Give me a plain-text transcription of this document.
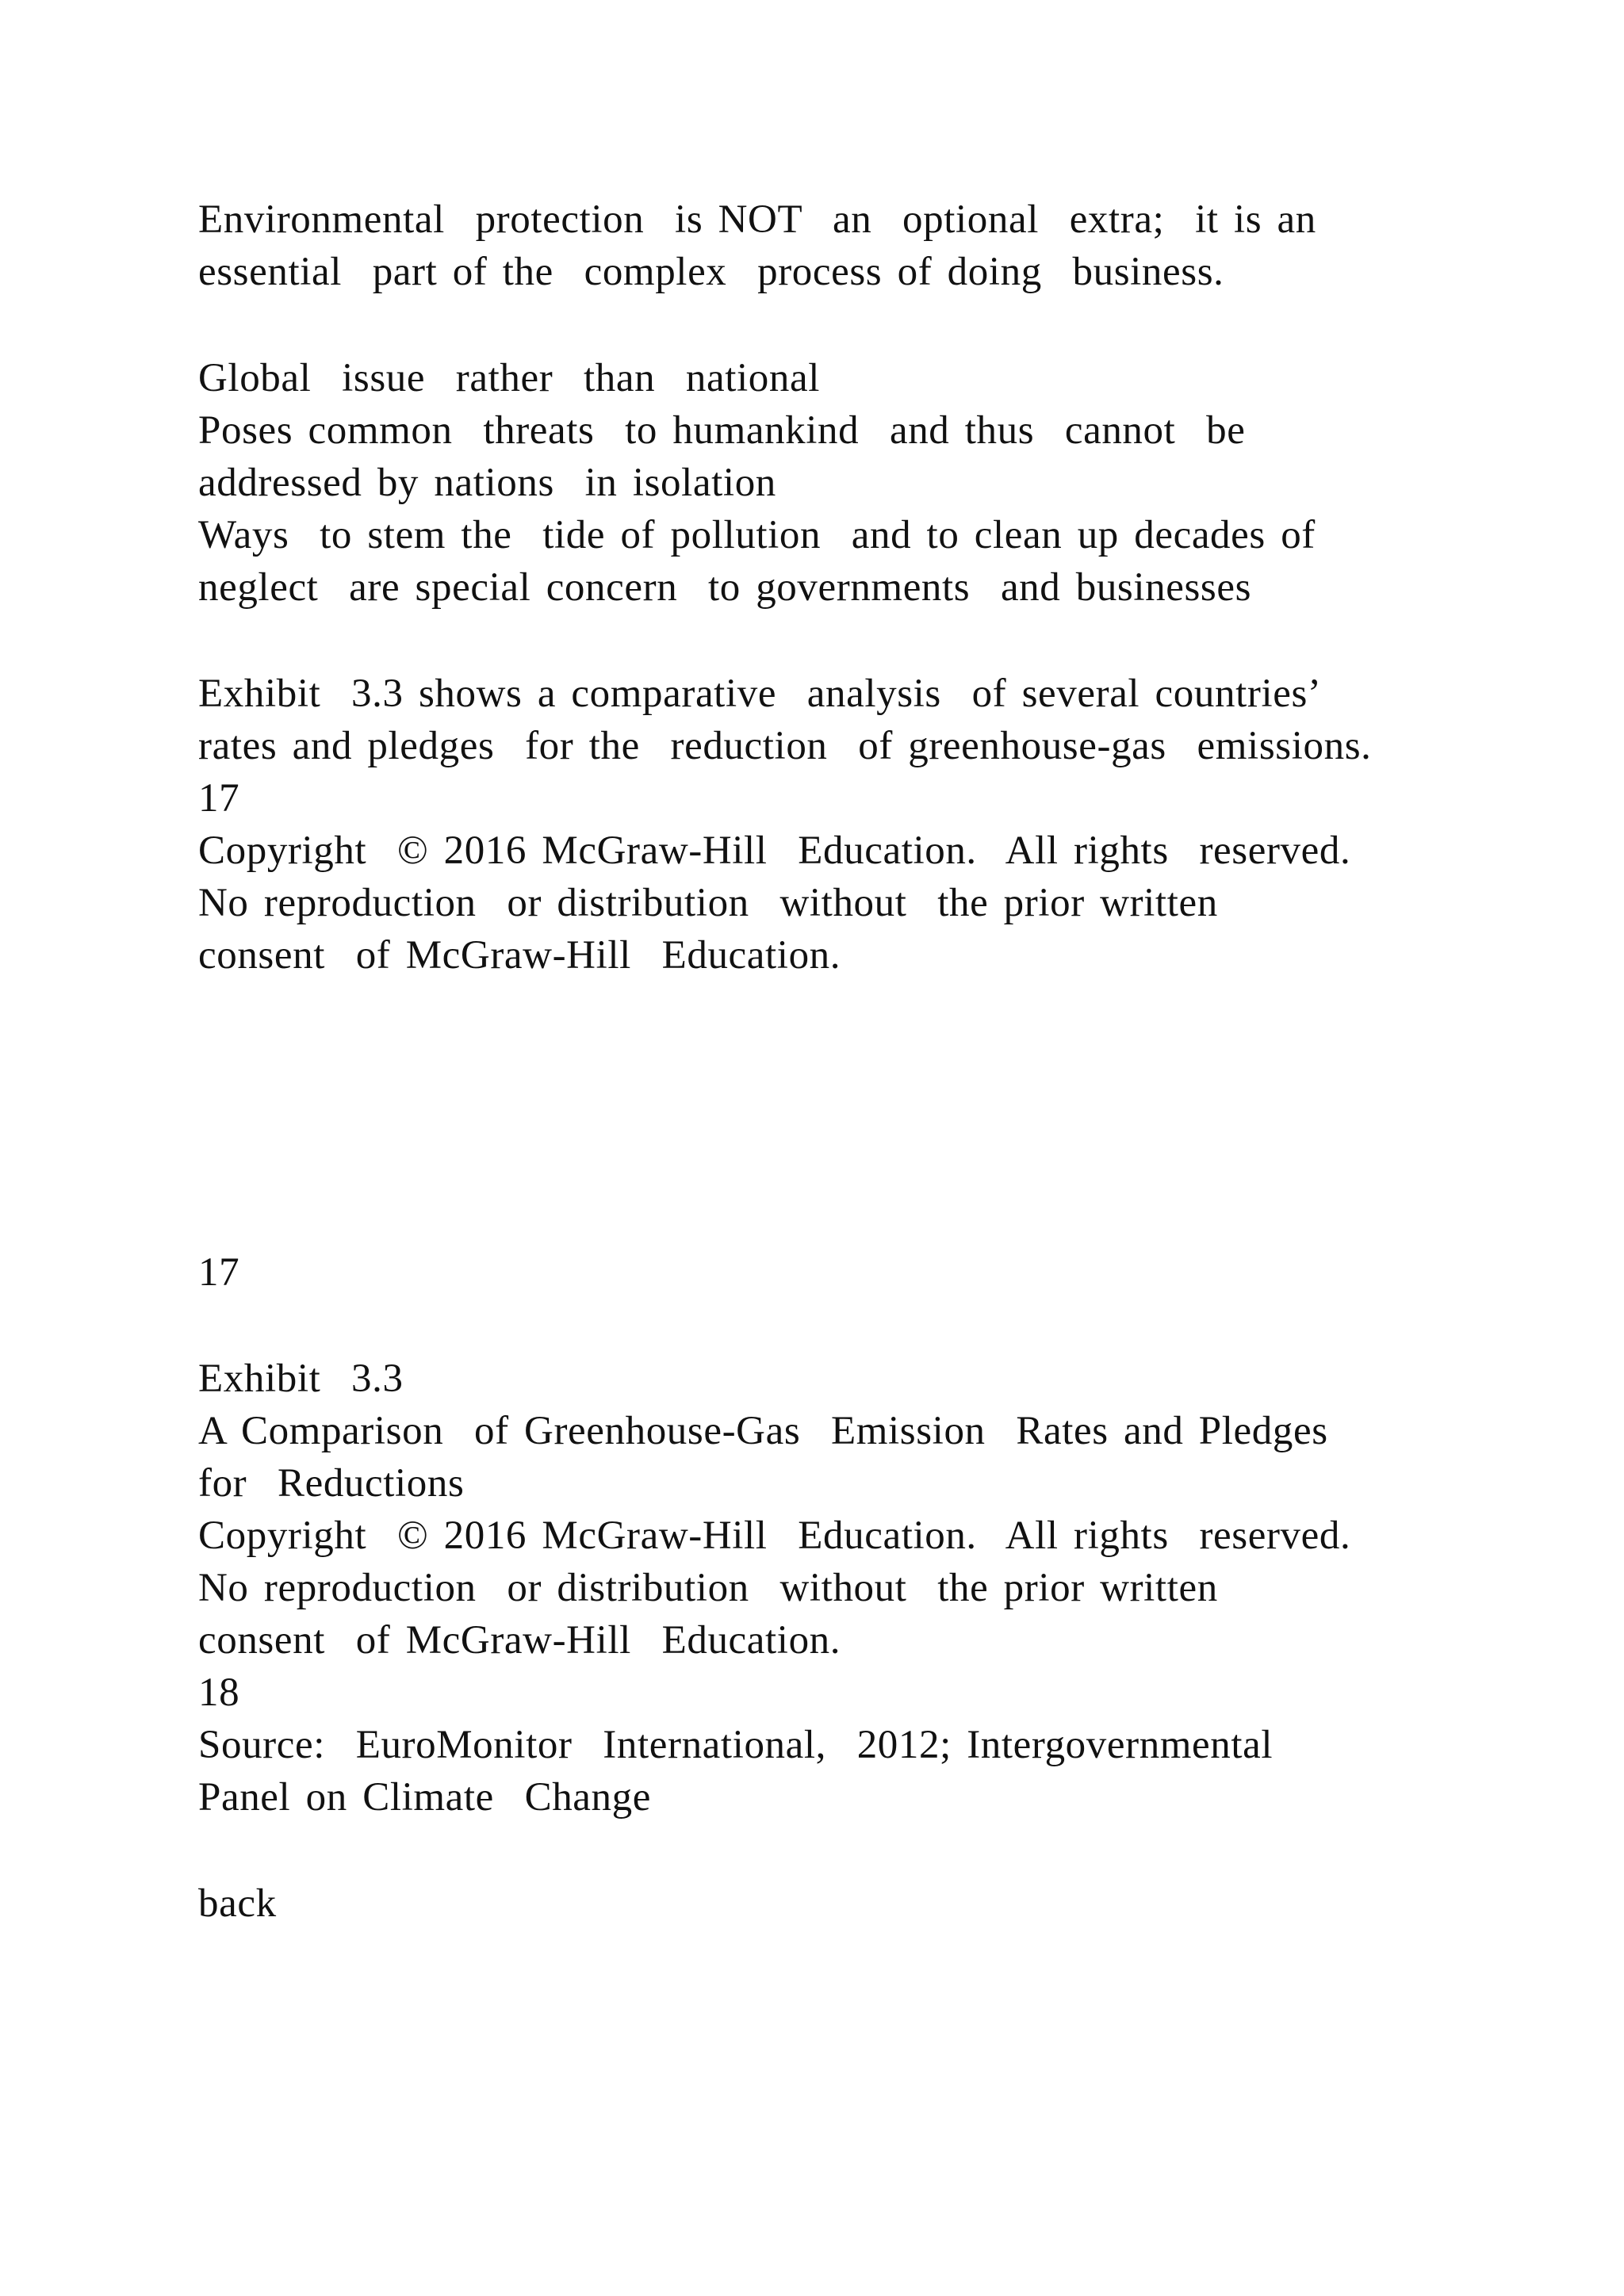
Environmental  protection  is NOT  an  optional  extra;  it is an

essential  part of the  complex  process of doing  business.

Global  issue  rather  than  national

Poses common  threats  to humankind  and thus  cannot  be

addressed by nations  in isolation

Ways  to stem the  tide of pollution  and to clean up decades of

neglect  are special concern  to governments  and businesses

Exhibit  3.3 shows a comparative  analysis  of several countries’

rates and pledges  for the  reduction  of greenhouse-gas  emissions.

17

Copyright  © 2016 McGraw-Hill  Education.  All rights  reserved.

No reproduction  or distribution  without  the prior written

consent  of McGraw-Hill  Education.

17

Exhibit  3.3

A Comparison  of Greenhouse-Gas  Emission  Rates and Pledges

for  Reductions

Copyright  © 2016 McGraw-Hill  Education.  All rights  reserved.

No reproduction  or distribution  without  the prior written

consent  of McGraw-Hill  Education.

18

Source:  EuroMonitor  International,  2012; Intergovernmental

Panel on Climate  Change

back
